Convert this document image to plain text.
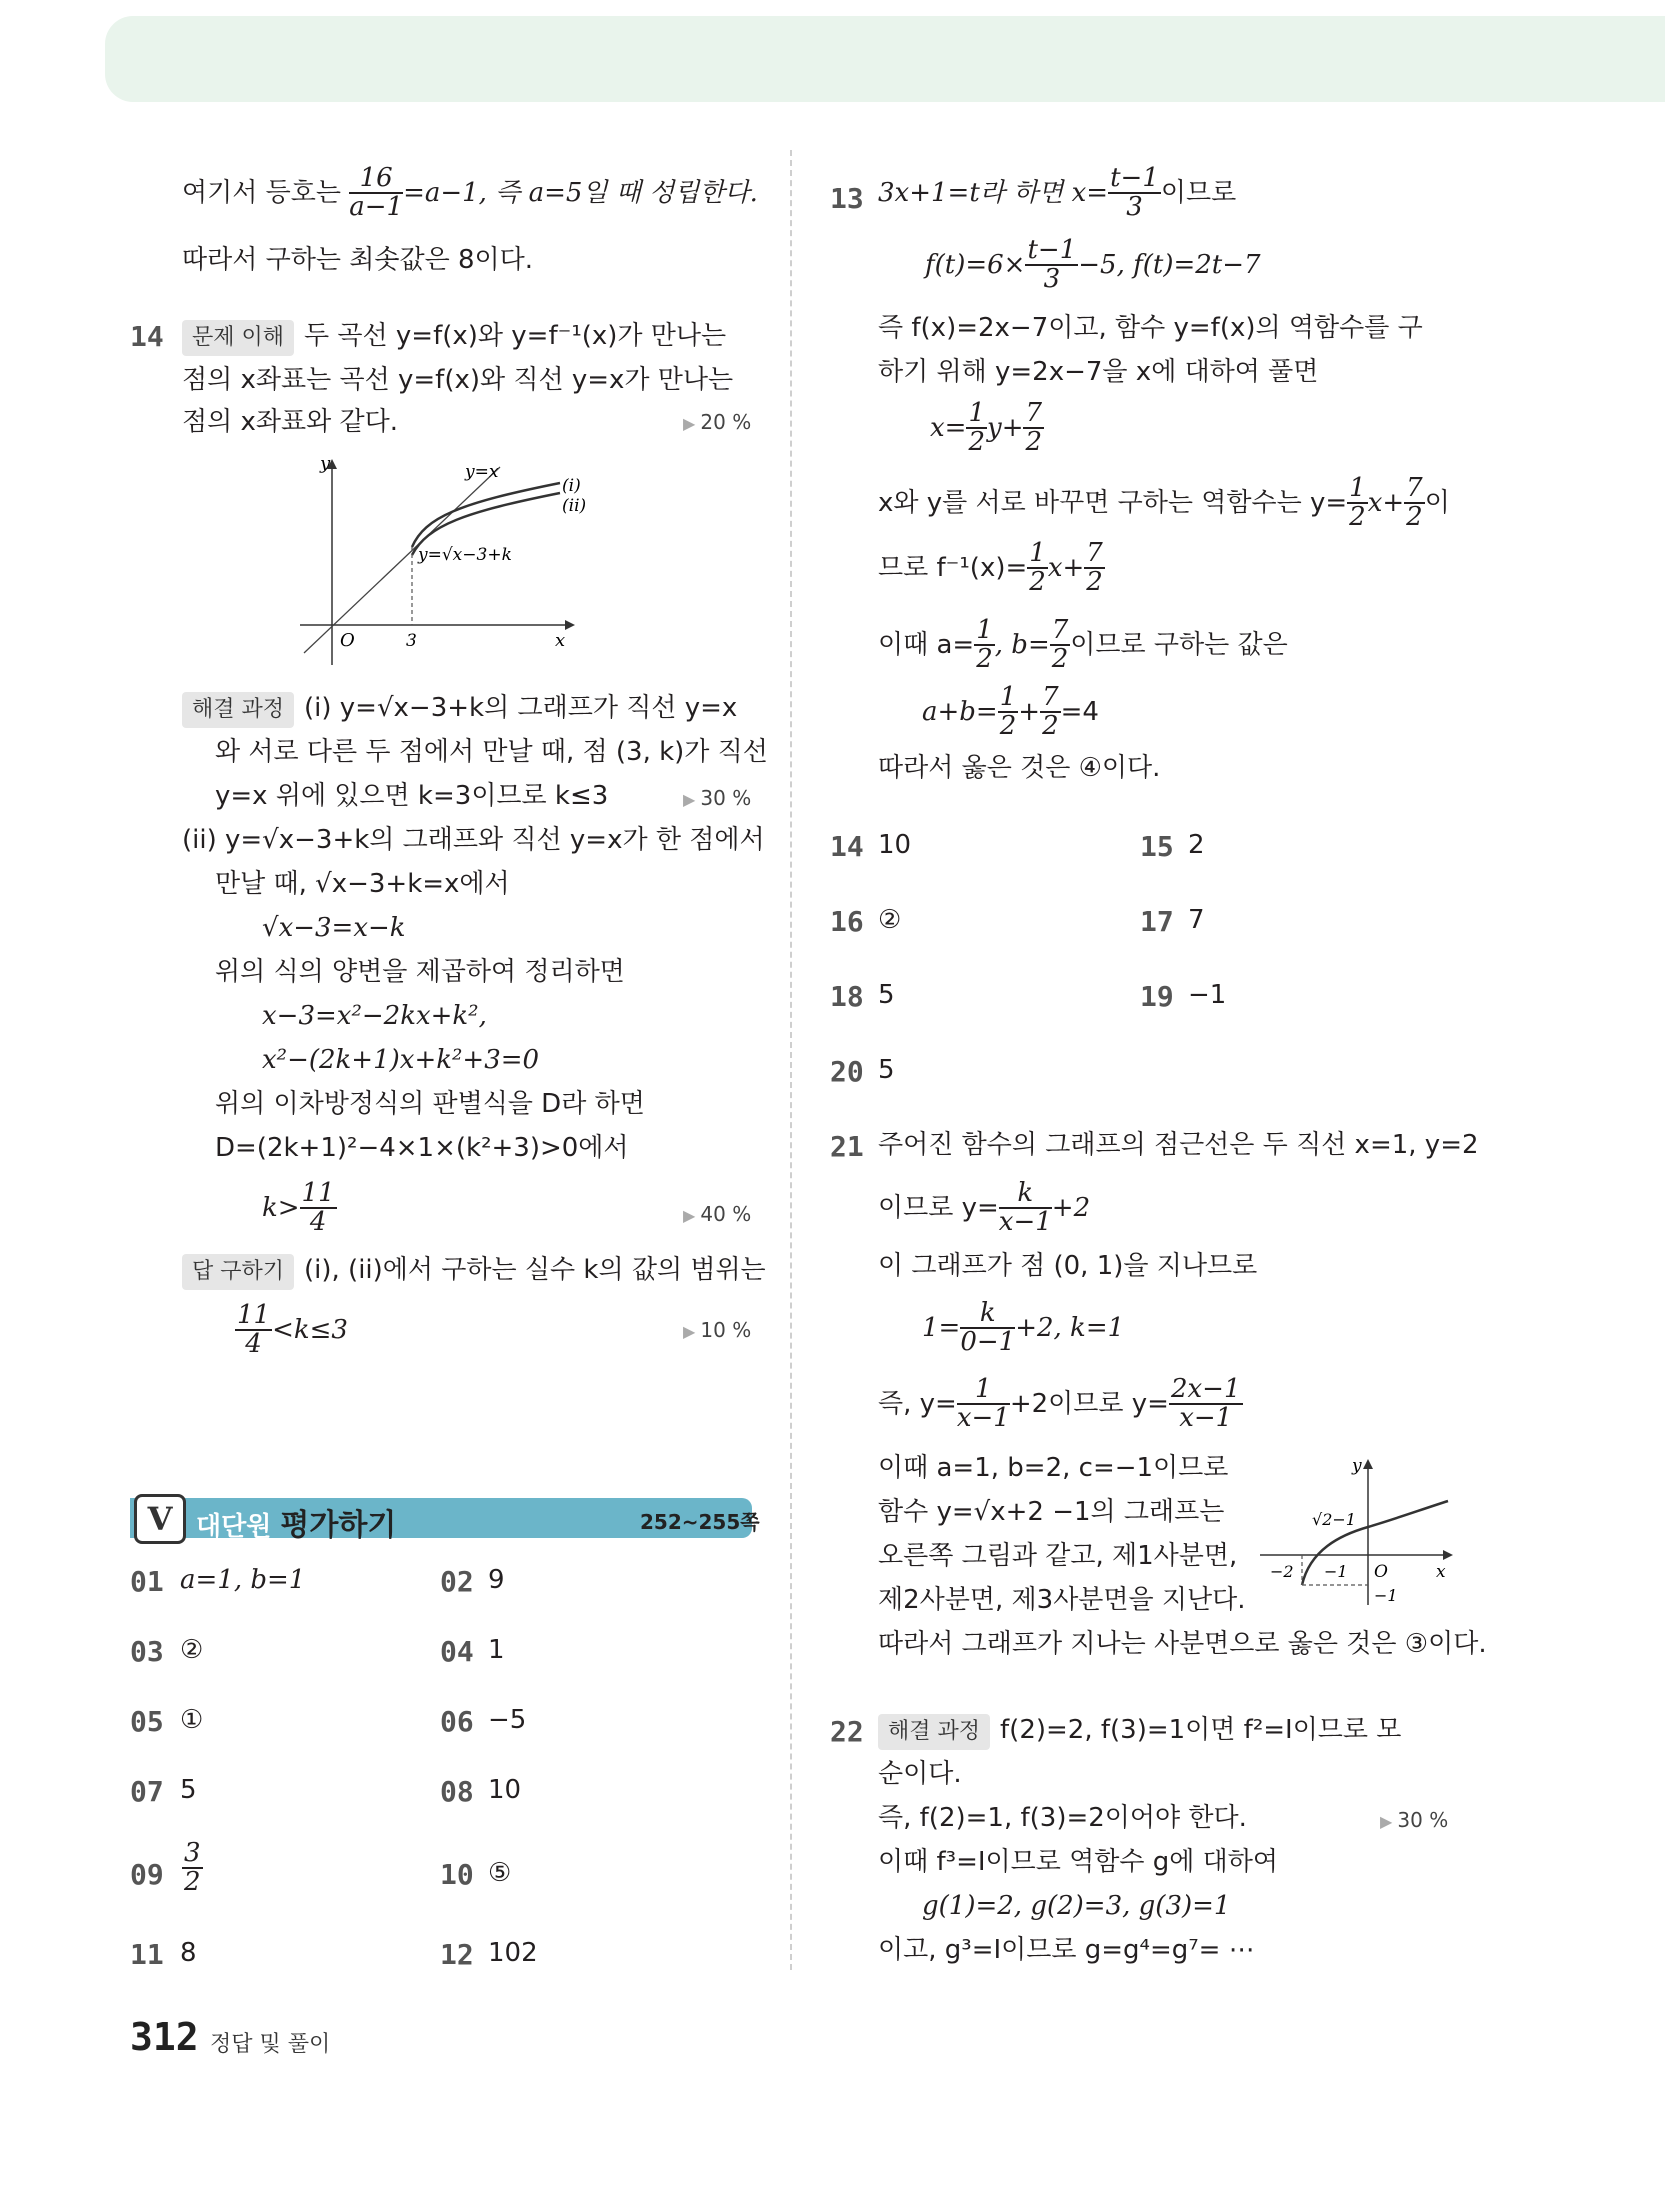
여기서 등호는 $\frac{16}{a-1} =a-1$, 즉 a=5일 때 성립한다.
따라서 구하는 최솟값은 8이다.
14	문제 이해 두 곡선 y=f(x)와 y=f⁻¹(x)가 만나는
점의 x좌표는 곡선 y=f(x)와 직선 y=x가 만나는
점의 x좌표와 같다.	▶ 20 %
y
x
O	3
y=x
y=√x−3+k
(i)
(ii)
해결 과정 (i) y=√x−3+k의 그래프가 직선 y=x
와 서로 다른 두 점에서 만날 때, 점 (3, k)가 직선
y=x 위에 있으면 k=3이므로 k≤3	▶ 30 %
(ii) y=√x−3+k의 그래프와 직선 y=x가 한 점에서
만날 때, √x−3+k=x에서
√x−3=x−k
위의 식의 양변을 제곱하여 정리하면
x−3=x²−2kx+k²,
x²−(2k+1)x+k²+3=0
위의 이차방정식의 판별식을 D라 하면
D=(2k+1)²−4×1×(k²+3)>0에서
$k> \frac{11}{4}$	▶ 40 %
답 구하기 (i), (ii)에서 구하는 실수 k의 값의 범위는
$\frac{11}{4} <k\le 3$	▶ 10 %
V 대단원 평가하기	252~255쪽
01 a=1, b=1	02 9
03 ②	04 1
05 ①	06 −5
07 5	08 10
$09 \frac{3}{2}$	10 ⑤
11 8	12 102
13 3x+1=t라 하면 $x= \frac{t-1}{3}$ 이므로
$f(t)=6\times \frac{t-1}{3} -5$, f(t)=2t−7
즉 f(x)=2x−7이고, 함수 y=f(x)의 역함수를 구
하기 위해 y=2x−7을 x에 대하여 풀면
$x= \frac{1}{2} y+ \frac{7}{2}$
x와 y를 서로 바꾸면 구하는 역함수는 $y= \frac{1}{2} x+ \frac{7}{2}$ 이
므로 $f^{-1}(x)= \frac{1}{2} x+ \frac{7}{2}$
이때 $a= \frac{1}{2}$ , $b= \frac{7}{2}$ 이므로 구하는 값은
$a+b= \frac{1}{2} + \frac{7}{2} =4$
따라서 옳은 것은 ④이다.
14 10	15 2
16 ②	17 7
18 5	19 −1
20 5
21 주어진 함수의 그래프의 점근선은 두 직선 x=1, y=2
이므로 $y= \frac{k}{x-1} +2$
이 그래프가 점 (0, 1)을 지나므로
$1= \frac{k}{0-1} +2$, k=1
즉, $y= \frac{1}{x-1} +2$이므로 $y= \frac{2x-1}{x-1}$
이때 a=1, b=2, c=−1이므로
함수 y=√x+2 −1의 그래프는
오른쪽 그림과 같고, 제1사분면,
제2사분면, 제3사분면을 지난다.
따라서 그래프가 지나는 사분면으로 옳은 것은 ③이다.
y
x
O
√2−1
−2 −1
−1
22	해결 과정 f(2)=2, f(3)=1이면 f²=I이므로 모
순이다.
즉, f(2)=1, f(3)=2이어야 한다.	▶ 30 %
이때 f³=I이므로 역함수 g에 대하여
g(1)=2, g(2)=3, g(3)=1
이고, g³=I이므로 g=g⁴=g⁷= ⋯
312 정답 및 풀이
